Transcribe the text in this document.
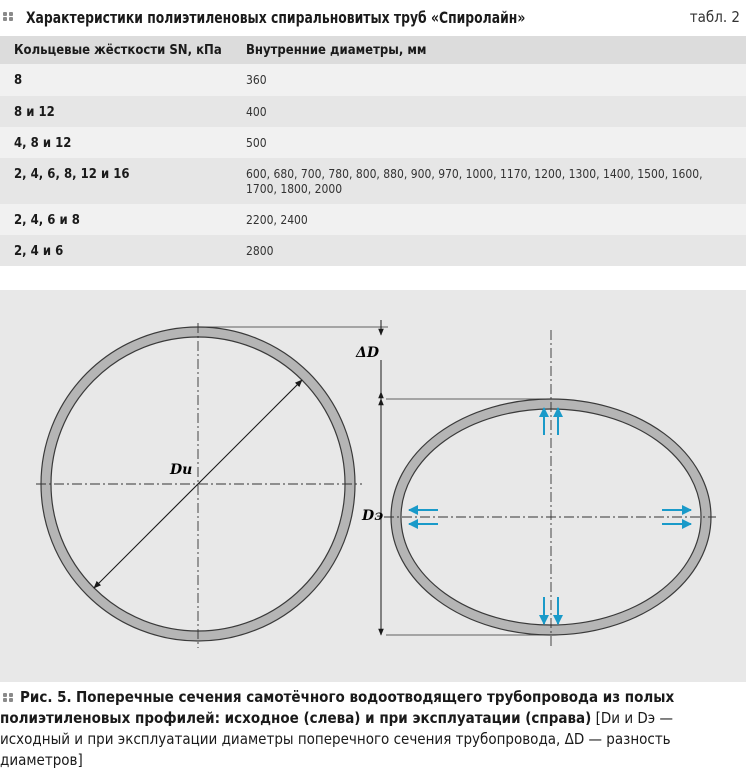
Характеристики полиэтиленовых спиральновитых труб «Спиролайн»	табл. 2
Кольцевые жёсткости SN, кПа	Внутренние диаметры, мм
8	360
8 и 12	400
4, 8 и 12	500
2, 4, 6, 8, 12 и 16	600, 680, 700, 780, 800, 880, 900, 970, 1000, 1170, 1200, 1300, 1400, 1500, 1600, 1700, 1800, 2000
2, 4, 6 и 8	2200, 2400
2, 4 и 6	2800
Dи
ΔD
Dэ
Рис. 5. Поперечные сечения самотёчного водоотводящего трубопровода из полых полиэтиленовых профилей: исходное (слева) и при эксплуатации (справа) [Dи и Dэ — исходный и при эксплуатации диаметры поперечного сечения трубопровода, ΔD — разность диаметров]
